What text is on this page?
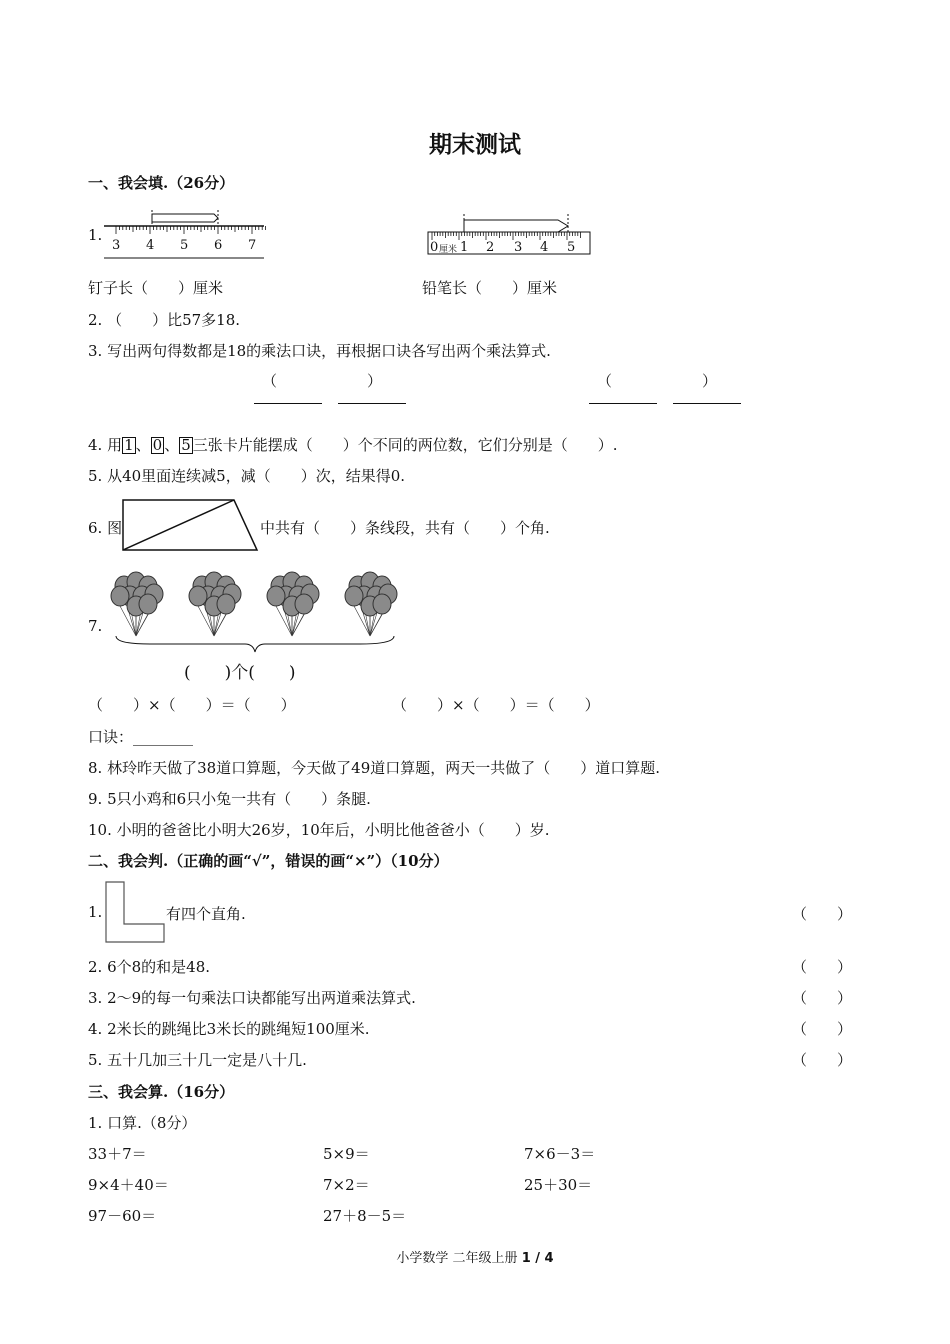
期末测试
一、我会填.（26分）
1.
3 4 5 6 7	0 厘米 1 2 3 4 5
钉子长（　　）厘米	铅笔长（　　）厘米
2. （　　）比57多18.
3. 写出两句得数都是18的乘法口诀，再根据口诀各写出两个乘法算式.
（　　　　　　）	（　　　　　　）
4. 用 1 、 0 、 5 三张卡片能摆成（　　）个不同的两位数，它们分别是（　　）.
5. 从40里面连续减5，减（　　）次，结果得0.
6. 图	中共有（　　）条线段，共有（　　）个角.
7.
(　　)个(　　)
（　　）×（　　）＝（　　）	（　　）×（　　）＝（　　）
口诀：________
8. 林玲昨天做了38道口算题，今天做了49道口算题，两天一共做了（　　）道口算题.
9. 5只小鸡和6只小兔一共有（　　）条腿.
10. 小明的爸爸比小明大26岁，10年后，小明比他爸爸小（　　）岁.
二、我会判.（正确的画“√”，错误的画“×”）（10分）
1.	有四个直角.	（　　）
2. 6个8的和是48.	（　　）
3. 2～9的每一句乘法口诀都能写出两道乘法算式.	（　　）
4. 2米长的跳绳比3米长的跳绳短100厘米.	（　　）
5. 五十几加三十几一定是八十几.	（　　）
三、我会算.（16分）
1. 口算.（8分）
33＋7＝	5×9＝	7×6－3＝
9×4＋40＝	7×2＝	25＋30＝
97－60＝	27＋8－5＝
小学数学 二年级上册 1 / 4
